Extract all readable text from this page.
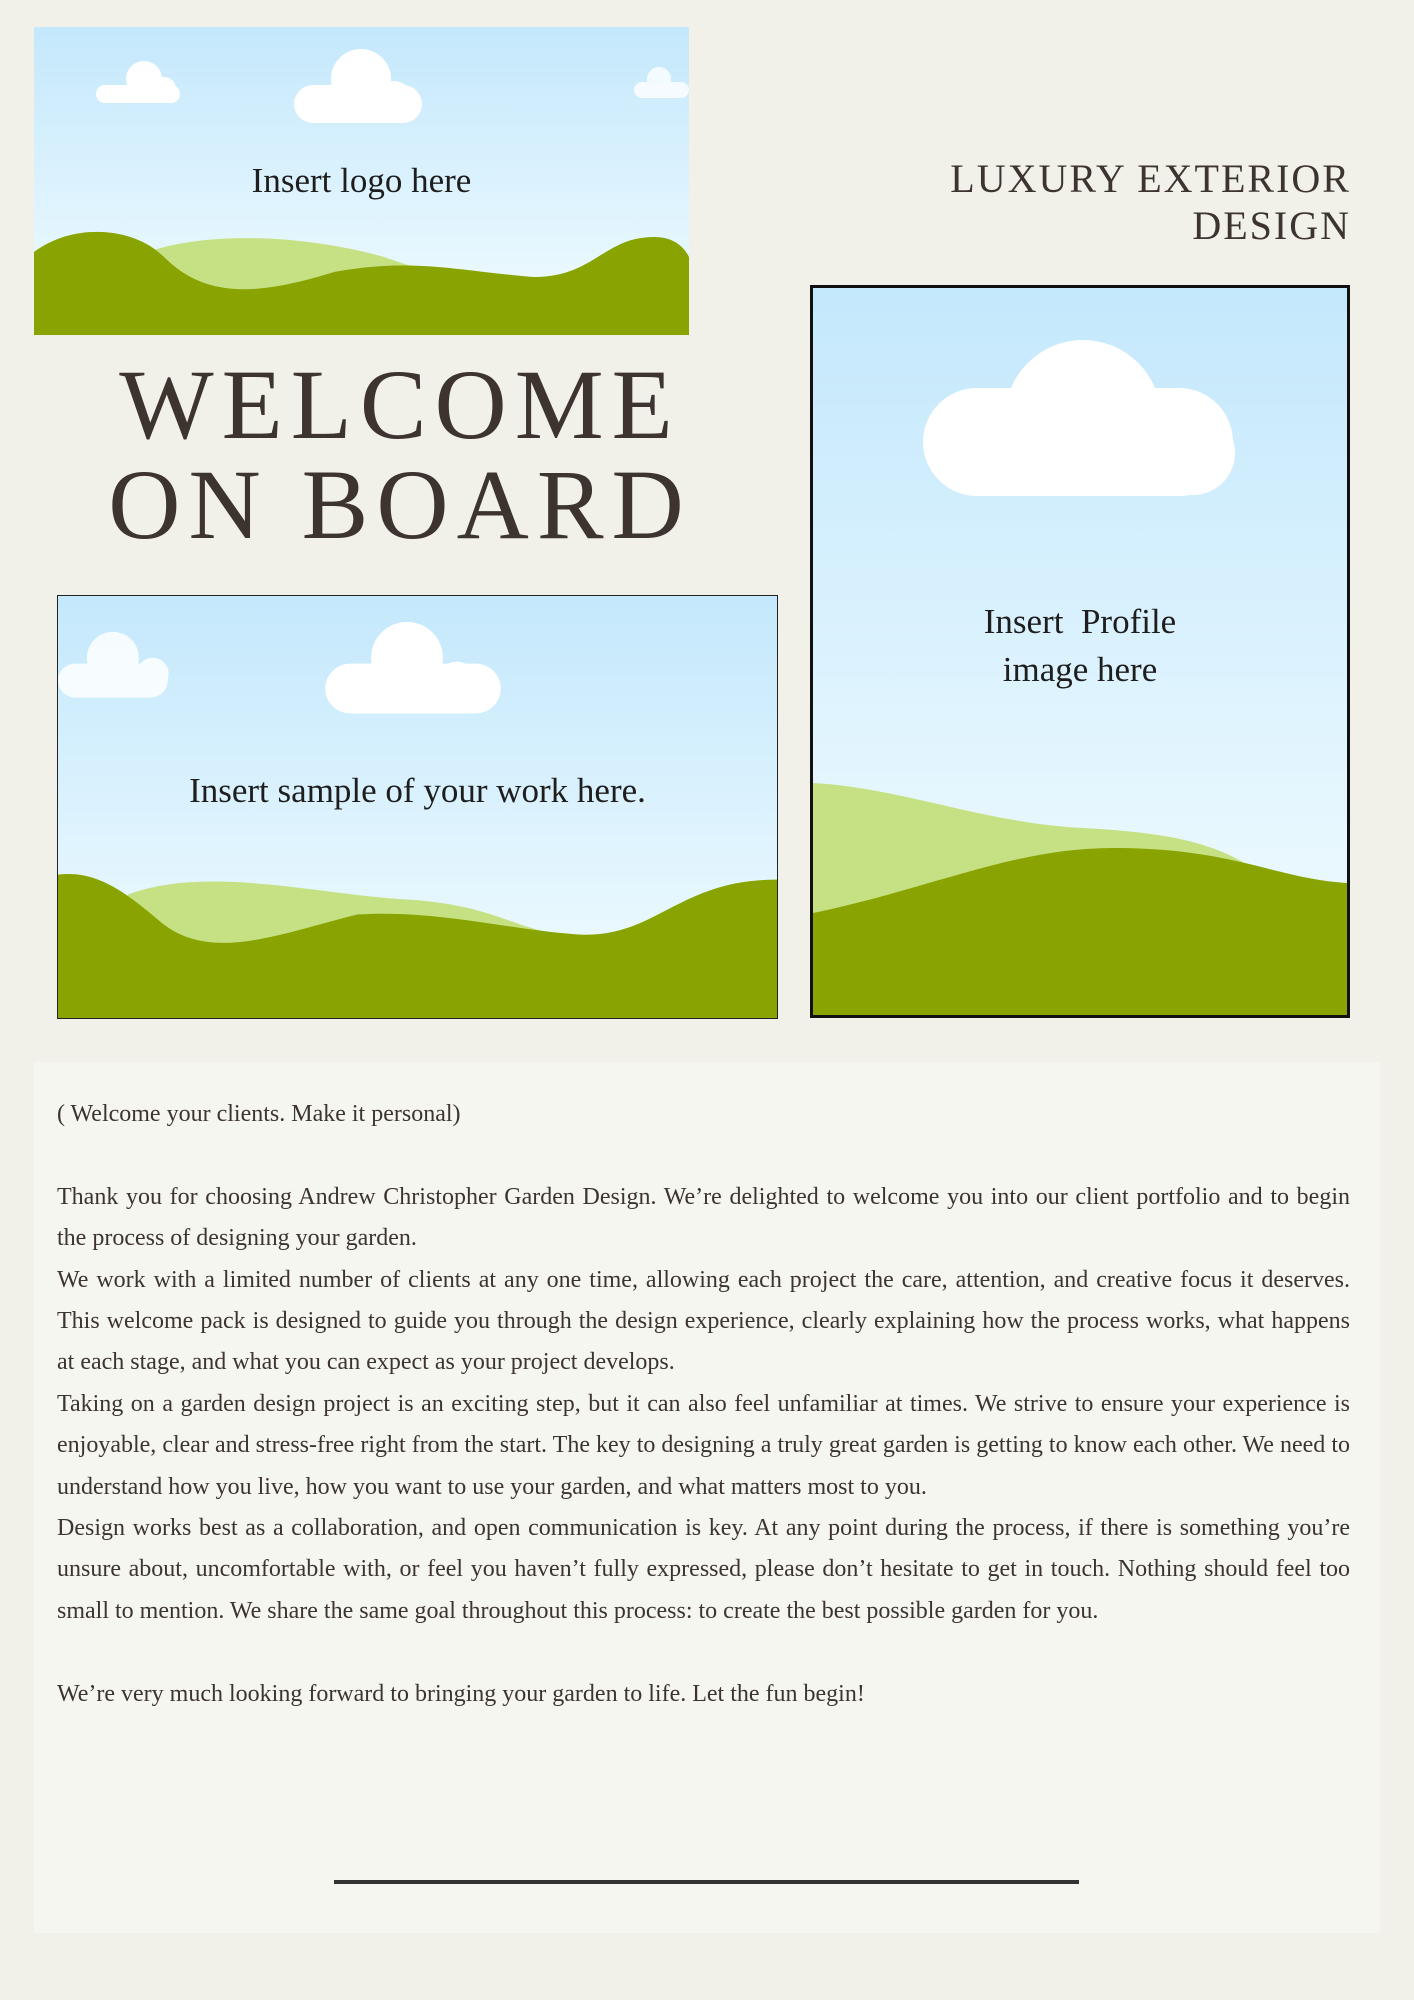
Insert logo here	LUXURY EXTERIOR DESIGN
WELCOME
ON BOARD
Insert sample of your work here.
Insert  Profile
image here

( Welcome your clients. Make it personal)

Thank you for choosing Andrew Christopher Garden Design. We’re delighted to welcome you into our client portfolio and to begin the process of designing your garden.

We work with a limited number of clients at any one time, allowing each project the care, attention, and creative focus it deserves. This welcome pack is designed to guide you through the design experience, clearly explaining how the process works, what happens at each stage, and what you can expect as your project develops.

Taking on a garden design project is an exciting step, but it can also feel unfamiliar at times. We strive to ensure your experience is enjoyable, clear and stress-free right from the start. The key to designing a truly great garden is getting to know each other. We need to understand how you live, how you want to use your garden, and what matters most to you.

Design works best as a collaboration, and open communication is key. At any point during the process, if there is something you’re unsure about, uncomfortable with, or feel you haven’t fully expressed, please don’t hesitate to get in touch. Nothing should feel too small to mention. We share the same goal throughout this process: to create the best possible garden for you.

We’re very much looking forward to bringing your garden to life. Let the fun begin!
